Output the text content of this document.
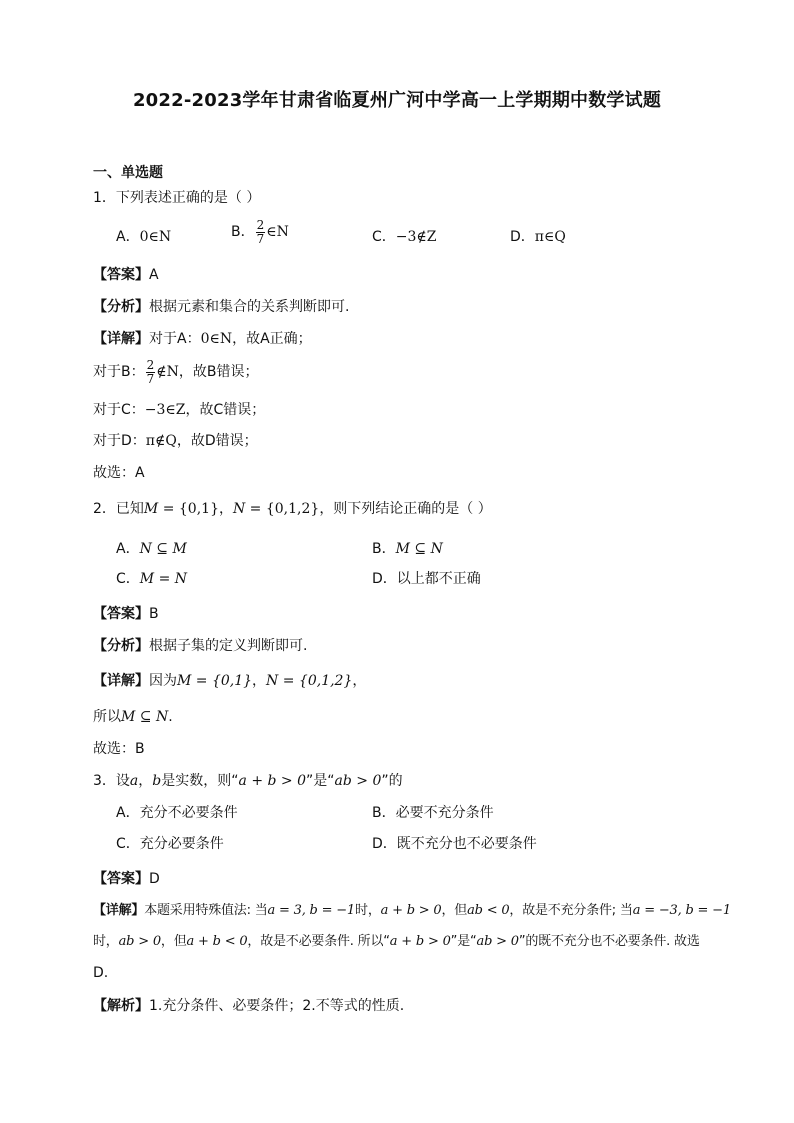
2022-2023学年甘肃省临夏州广河中学高一上学期期中数学试题
一、单选题
1．下列表述正确的是（ ）
A．0∈N	B． $\frac{2}{7}$ ∈N	C．−3∉Z	D．π∈Q
【答案】A
【分析】根据元素和集合的关系判断即可.
【详解】对于A：0∈N，故A正确；
对于B： $\frac{2}{7}$ ∉N，故B错误；
对于C：−3∈Z，故C错误；
对于D：π∉Q，故D错误；
故选：A
2．已知M = {0,1}，N = {0,1,2}，则下列结论正确的是（ ）
A．N ⊆ M	B．M ⊆ N
C．M = N	D．以上都不正确
【答案】B
【分析】根据子集的定义判断即可.
【详解】因为M = {0,1}，N = {0,1,2}，
所以M ⊆ N.
故选：B
3．设a，b是实数，则“a + b > 0”是“ab > 0”的
A．充分不必要条件	B．必要不充分条件
C．充分必要条件	D．既不充分也不必要条件
【答案】D
【详解】本题采用特殊值法: 当a = 3, b = −1时，a + b > 0，但ab < 0，故是不充分条件; 当a = −3, b = −1
时，ab > 0，但a + b < 0，故是不必要条件. 所以“a + b > 0”是“ab > 0”的既不充分也不必要条件. 故选
D.
【解析】1.充分条件、必要条件；2.不等式的性质.
